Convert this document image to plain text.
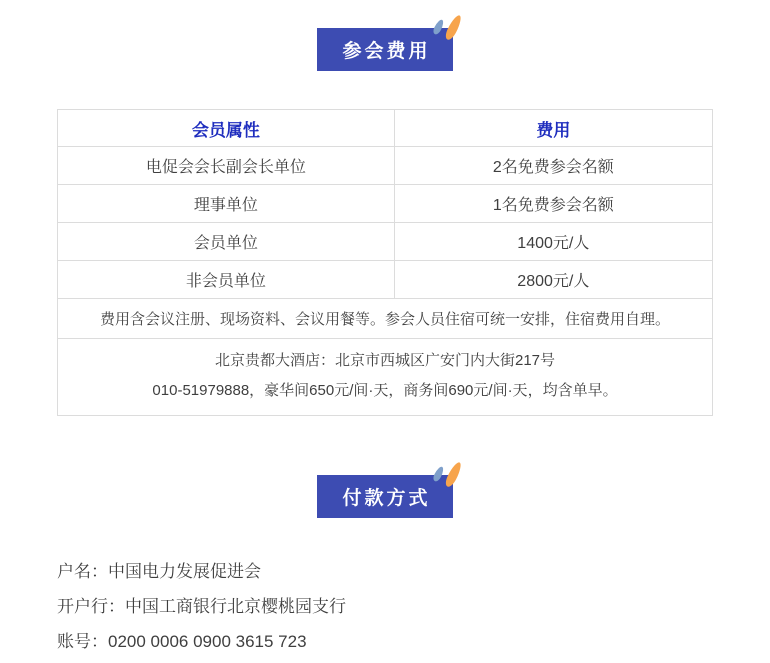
参会费用
会员属性	费用
电促会会长副会长单位	2名免费参会名额
理事单位	1名免费参会名额
会员单位	1400元/人
非会员单位	2800元/人
费用含会议注册、现场资料、会议用餐等。参会人员住宿可统一安排，住宿费用自理。	

北京贵都大酒店：北京市西城区广安门内大街217号
010-51979888，豪华间650元/间·天，商务间690元/间·天，均含单早。	
付款方式
户名：中国电力发展促进会
开户行：中国工商银行北京樱桃园支行
账号：0200 0006 0900 3615 723
